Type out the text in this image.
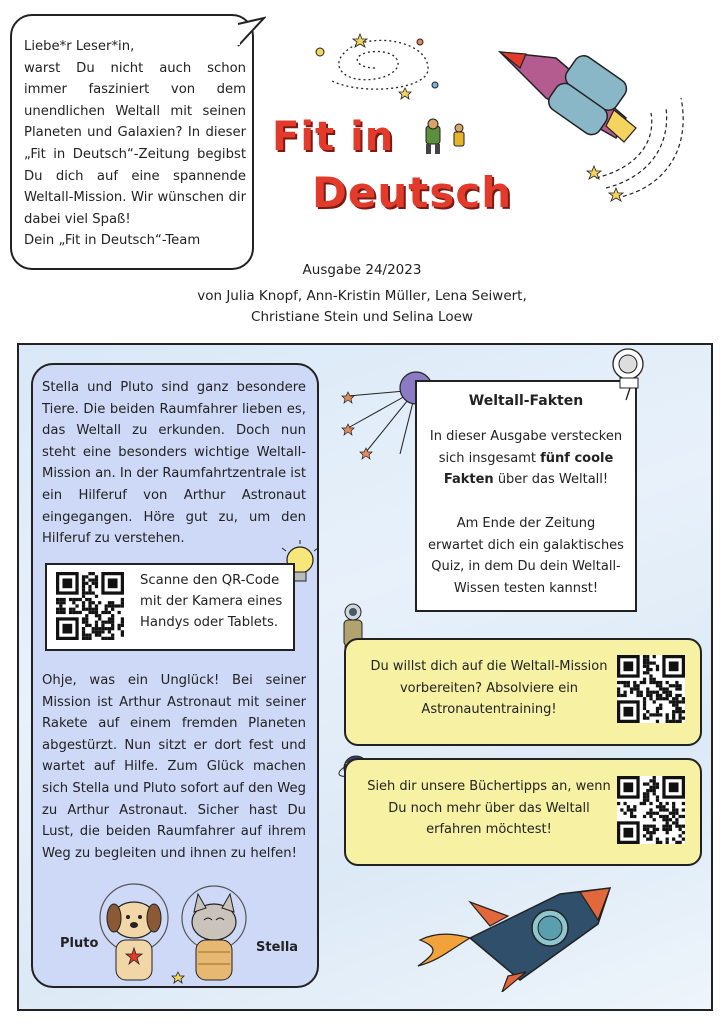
Liebe*r Leser*in,

warst Du nicht auch schon immer fasziniert von dem unendlichen Weltall mit seinen Planeten und Galaxien? In dieser „Fit in Deutsch“-Zeitung begibst Du dich auf eine spannende Weltall-Mission. Wir wünschen dir dabei viel Spaß!

Dein „Fit in Deutsch“-Team

Fit in
Deutsch
Ausgabe 24/2023
von Julia Knopf, Ann-Kristin Müller, Lena Seiwert,
Christiane Stein und Selina Loew
Stella und Pluto sind ganz besondere Tiere. Die beiden Raumfahrer lieben es, das Weltall zu erkunden. Doch nun steht eine besonders wichtige Weltall-Mission an. In der Raumfahrtzentrale ist ein Hilferuf von Arthur Astronaut eingegangen. Höre gut zu, um den Hilferuf zu verstehen.
Scanne den QR-Code mit der Kamera eines Handys oder Tablets.
Ohje, was ein Unglück! Bei seiner Mission ist Arthur Astronaut mit seiner Rakete auf einem fremden Planeten abgestürzt. Nun sitzt er dort fest und wartet auf Hilfe. Zum Glück machen sich Stella und Pluto sofort auf den Weg zu Arthur Astronaut. Sicher hast Du Lust, die beiden Raumfahrer auf ihrem Weg zu begleiten und ihnen zu helfen!
Pluto	Stella
Weltall-Fakten
In dieser Ausgabe verstecken sich insgesamt fünf coole Fakten über das Weltall!
Am Ende der Zeitung erwartet dich ein galaktisches Quiz, in dem Du dein Weltall-Wissen testen kannst!
Du willst dich auf die Weltall-Mission vorbereiten? Absolviere ein Astronautentraining!
Sieh dir unsere Büchertipps an, wenn Du noch mehr über das Weltall erfahren möchtest!
